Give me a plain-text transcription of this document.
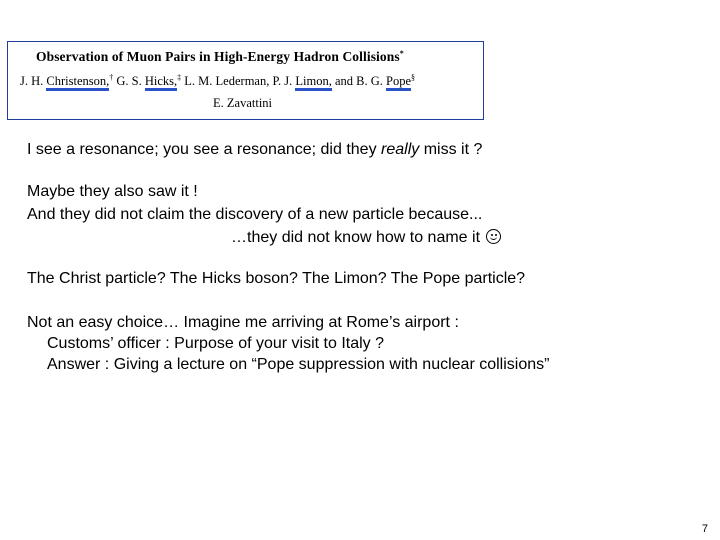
Observation of Muon Pairs in High-Energy Hadron Collisions*
J. H. Christenson,† G. S. Hicks,‡ L. M. Lederman, P. J. Limon, and B. G. Pope§
E. Zavattini
I see a resonance; you see a resonance; did they really miss it ?
Maybe they also saw it !
And they did not claim the discovery of a new particle because...
…they did not know how to name it
The Christ particle? The Hicks boson? The Limon? The Pope particle?
Not an easy choice… Imagine me arriving at Rome’s airport :
Customs’ officer : Purpose of your visit to Italy ?
Answer : Giving a lecture on “Pope suppression with nuclear collisions”
7
